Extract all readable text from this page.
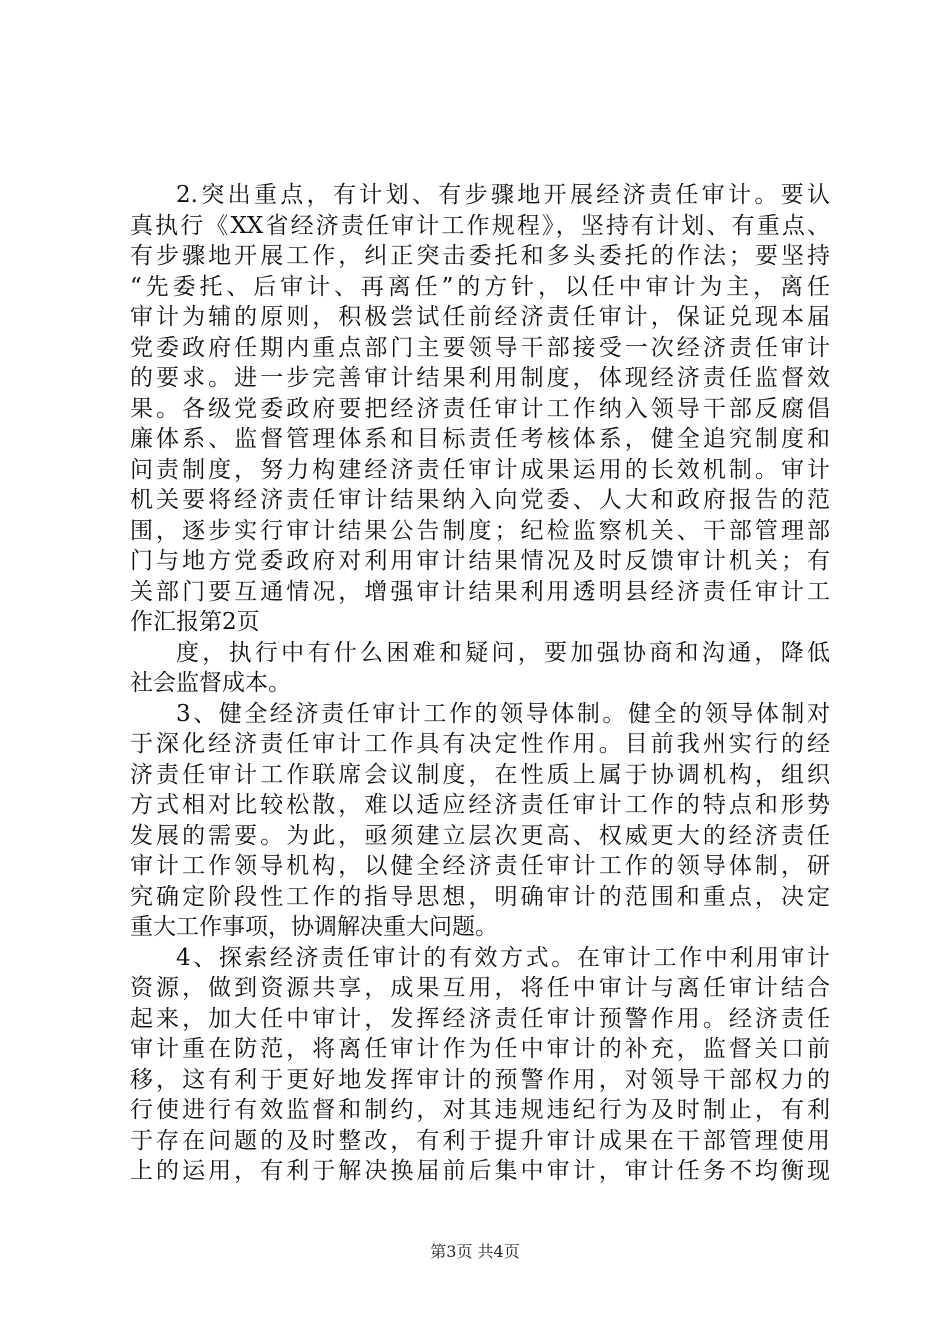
2.突出重点，有计划、有步骤地开展经济责任审计。要认
真执行《XX省经济责任审计工作规程》，坚持有计划、有重点、
有步骤地开展工作，纠正突击委托和多头委托的作法；要坚持
“先委托、后审计、再离任”的方针，以任中审计为主，离任
审计为辅的原则，积极尝试任前经济责任审计，保证兑现本届
党委政府任期内重点部门主要领导干部接受一次经济责任审计
的要求。进一步完善审计结果利用制度，体现经济责任监督效
果。各级党委政府要把经济责任审计工作纳入领导干部反腐倡
廉体系、监督管理体系和目标责任考核体系，健全追究制度和
问责制度，努力构建经济责任审计成果运用的长效机制。审计
机关要将经济责任审计结果纳入向党委、人大和政府报告的范
围，逐步实行审计结果公告制度；纪检监察机关、干部管理部
门与地方党委政府对利用审计结果情况及时反馈审计机关；有
关部门要互通情况，增强审计结果利用透明县经济责任审计工
作汇报第2页
度，执行中有什么困难和疑问，要加强协商和沟通，降低
社会监督成本。
3、健全经济责任审计工作的领导体制。健全的领导体制对
于深化经济责任审计工作具有决定性作用。目前我州实行的经
济责任审计工作联席会议制度，在性质上属于协调机构，组织
方式相对比较松散，难以适应经济责任审计工作的特点和形势
发展的需要。为此，亟须建立层次更高、权威更大的经济责任
审计工作领导机构，以健全经济责任审计工作的领导体制，研
究确定阶段性工作的指导思想，明确审计的范围和重点，决定
重大工作事项，协调解决重大问题。
4、探索经济责任审计的有效方式。在审计工作中利用审计
资源，做到资源共享，成果互用，将任中审计与离任审计结合
起来，加大任中审计，发挥经济责任审计预警作用。经济责任
审计重在防范，将离任审计作为任中审计的补充，监督关口前
移，这有利于更好地发挥审计的预警作用，对领导干部权力的
行使进行有效监督和制约，对其违规违纪行为及时制止，有利
于存在问题的及时整改，有利于提升审计成果在干部管理使用
上的运用，有利于解决换届前后集中审计，审计任务不均衡现
第3页 共4页
